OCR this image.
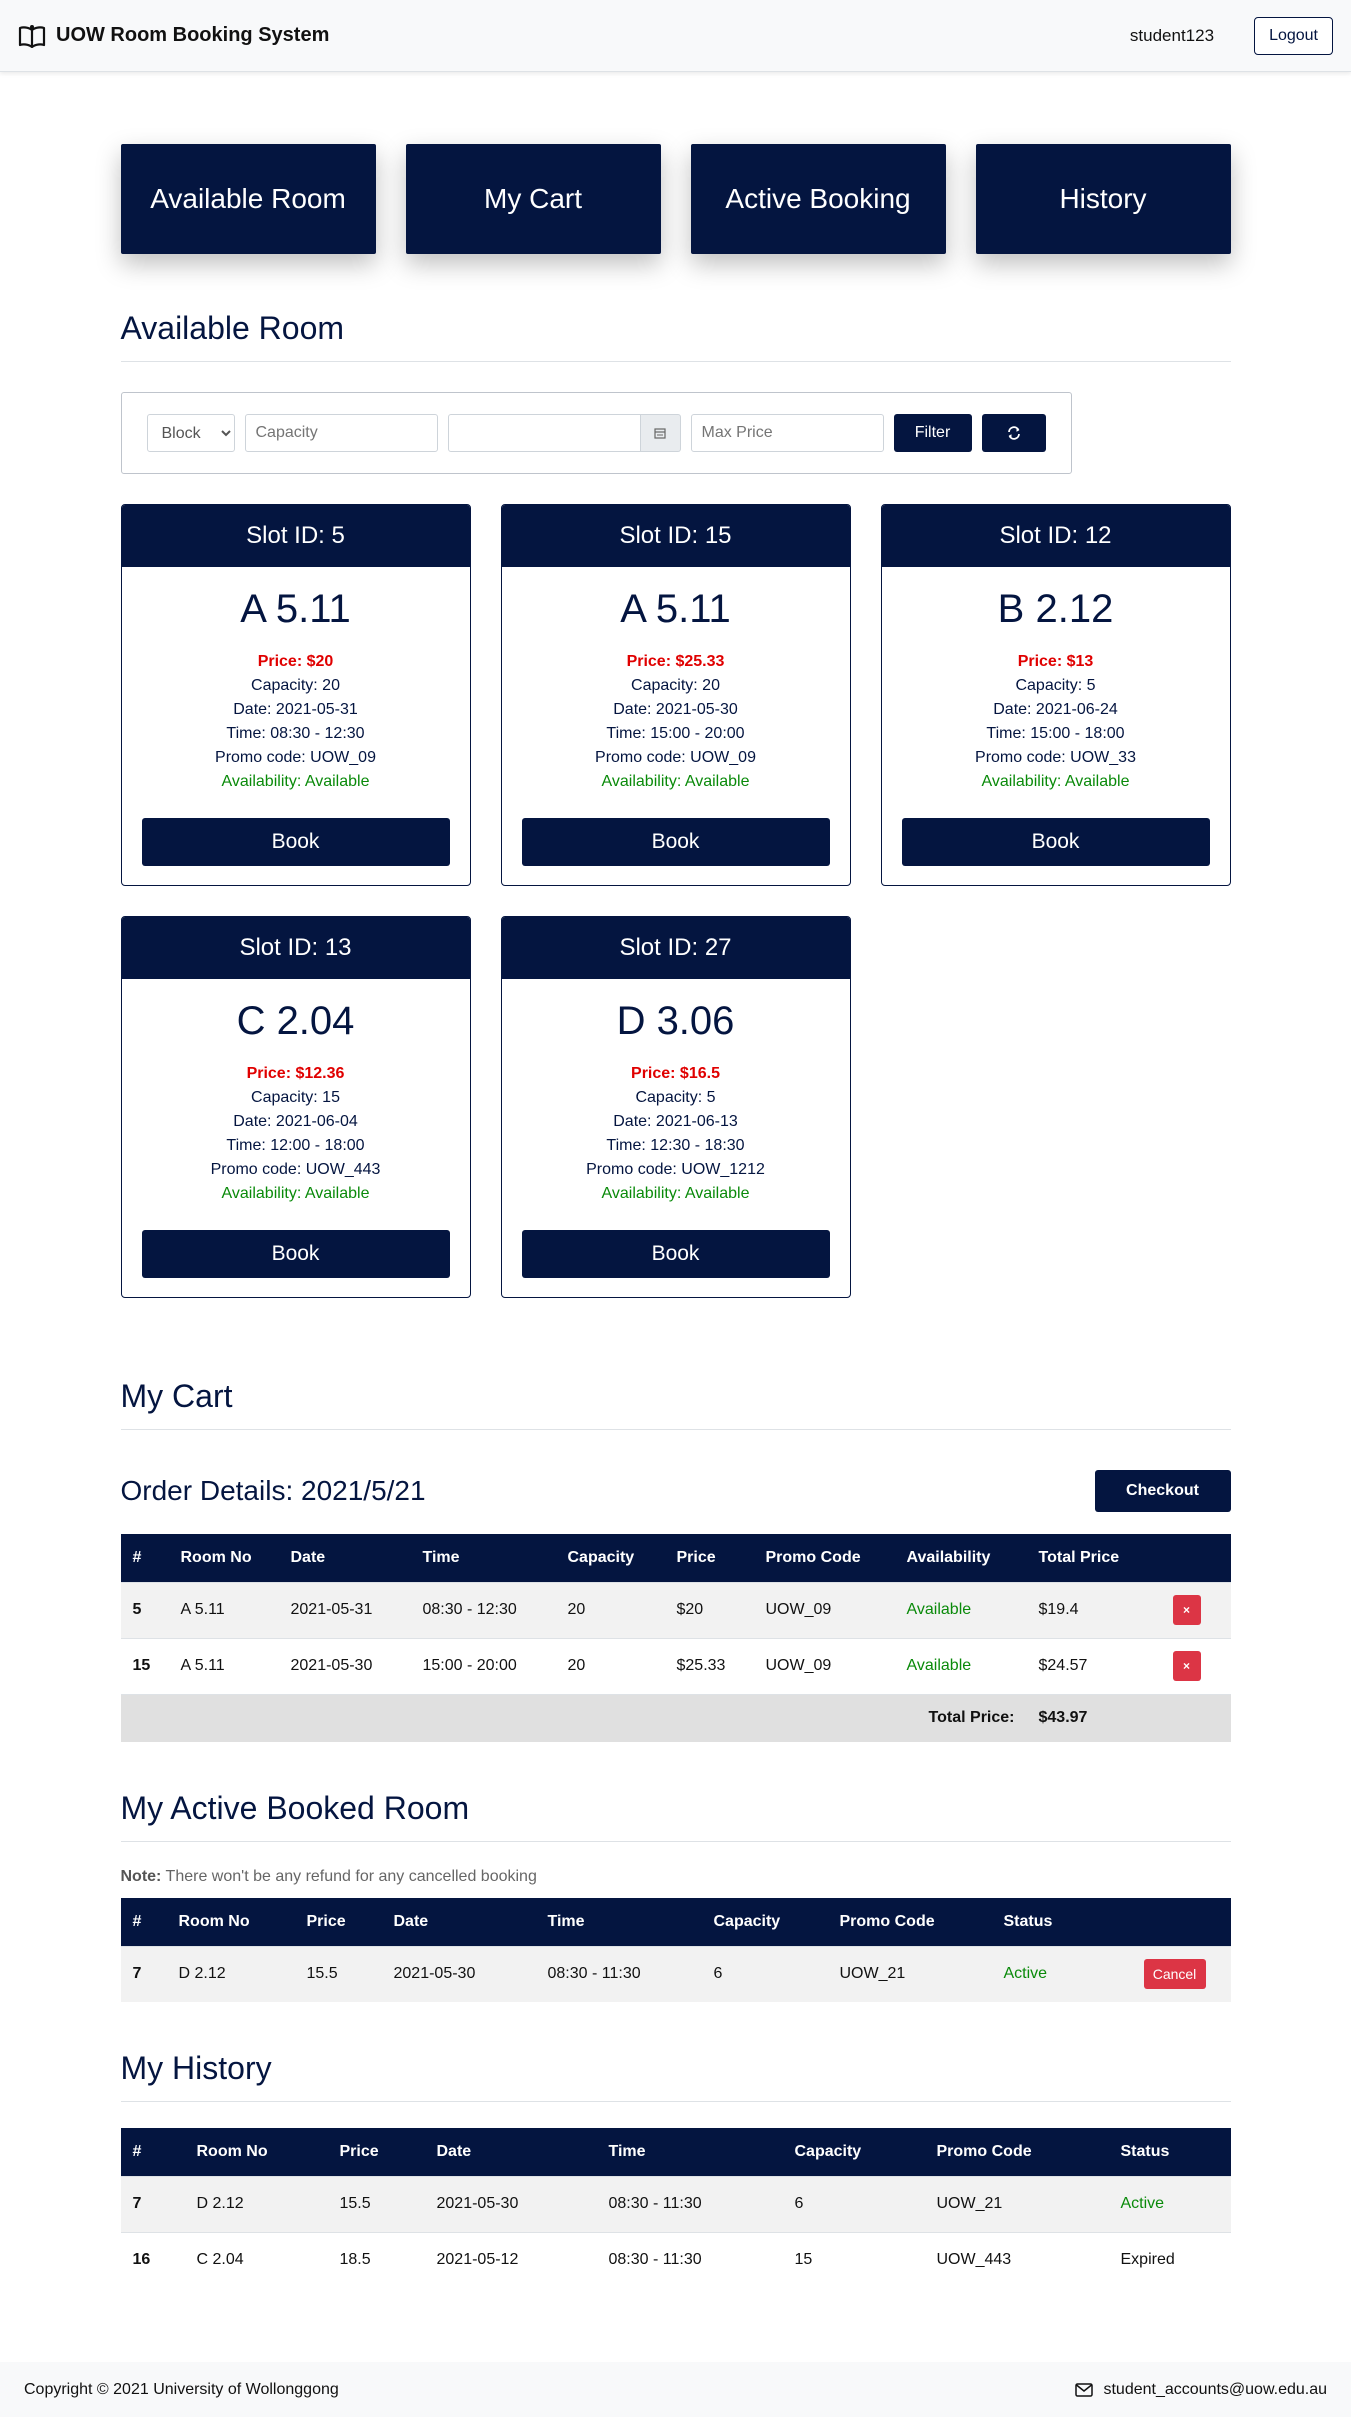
UOW Room Booking System	student123	Logout
Available Room	My Cart	Active Booking	History
Available Room
Block
Capacity
Max Price
Filter
Slot ID: 5
A 5.11
Price: $20
Capacity: 20
Date: 2021-05-31
Time: 08:30 - 12:30
Promo code: UOW_09
Availability: Available
Book
Slot ID: 15
A 5.11
Price: $25.33
Capacity: 20
Date: 2021-05-30
Time: 15:00 - 20:00
Promo code: UOW_09
Availability: Available
Book
Slot ID: 12
B 2.12
Price: $13
Capacity: 5
Date: 2021-06-24
Time: 15:00 - 18:00
Promo code: UOW_33
Availability: Available
Book
Slot ID: 13
C 2.04
Price: $12.36
Capacity: 15
Date: 2021-06-04
Time: 12:00 - 18:00
Promo code: UOW_443
Availability: Available
Book
Slot ID: 27
D 3.06
Price: $16.5
Capacity: 5
Date: 2021-06-13
Time: 12:30 - 18:30
Promo code: UOW_1212
Availability: Available
Book
My Cart
Order Details: 2021/5/21	Checkout
#	Room No	Date	Time	Capacity	Price	Promo Code	Availability	Total Price	
5	A 5.11	2021-05-31	08:30 - 12:30	20	$20	UOW_09	Available	$19.4	×
15	A 5.11	2021-05-30	15:00 - 20:00	20	$25.33	UOW_09	Available	$24.57	×
							Total Price:	$43.97	
My Active Booked Room

Note: There won't be any refund for any cancelled booking

#	Room No	Price	Date	Time	Capacity	Promo Code	Status	
7	D 2.12	15.5	2021-05-30	08:30 - 11:30	6	UOW_21	Active	Cancel
My History
#	Room No	Price	Date	Time	Capacity	Promo Code	Status
7	D 2.12	15.5	2021-05-30	08:30 - 11:30	6	UOW_21	Active
16	C 2.04	18.5	2021-05-12	08:30 - 11:30	15	UOW_443	Expired
Copyright © 2021 University of Wollonggong	student_accounts@uow.edu.au
